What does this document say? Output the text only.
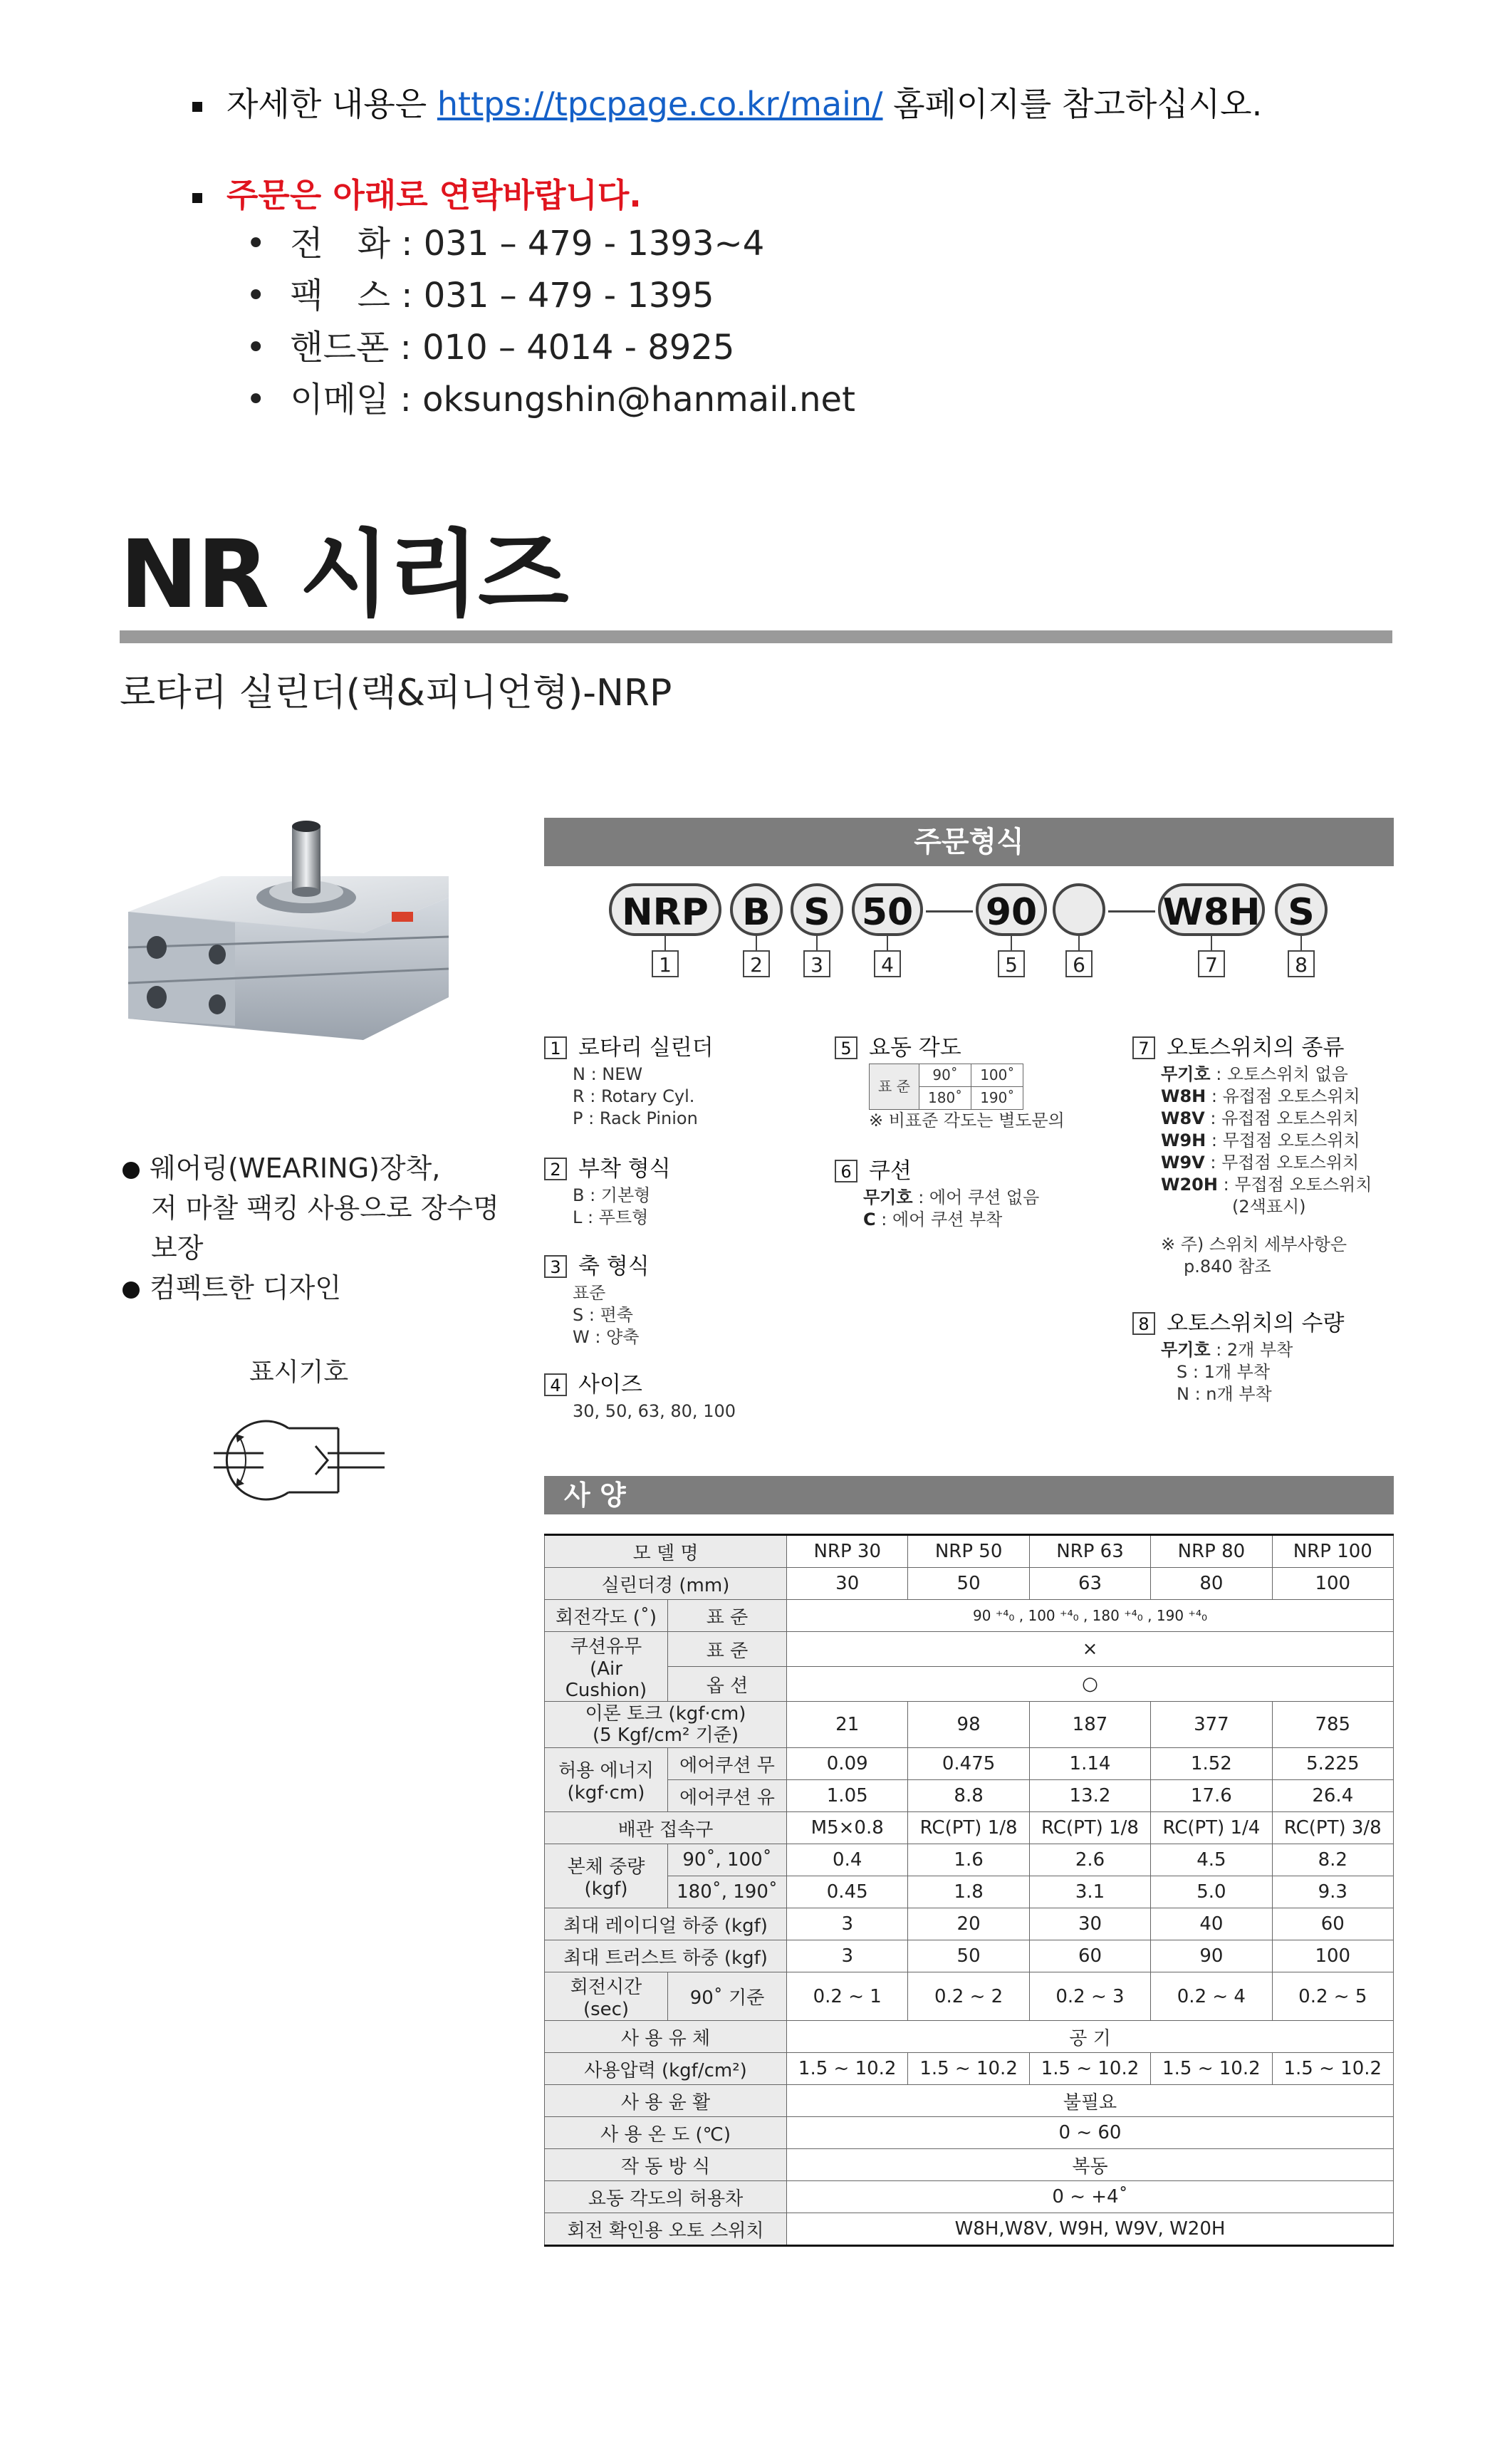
자세한 내용은 https://tpcpage.co.kr/main/ 홈페이지를 참고하십시오.
주문은 아래로 연락바랍니다.
• 전　화 : 031 – 479 - 1393~4
• 팩　스 : 031 – 479 - 1395
• 핸드폰 : 010 – 4014 - 8925
• 이메일 : oksungshin@hanmail.net
NR 시리즈
로타리 실린더(랙&피니언형)-NRP
웨어링(WEARING)장착,
저 마찰 팩킹 사용으로 장수명
보장
컴펙트한 디자인
표시기호
주문형식
NRP B S 50 90	W8H S
1	2	3	4	5	6	7	8
1 로타리 실린더
N : NEW
R : Rotary Cyl.
P : Rack Pinion
2 부착 형식
B : 기본형
L : 푸트형
3 축 형식
표준
S : 편축
W : 양축
4 사이즈
30, 50, 63, 80, 100
5 요동 각도
표 준	90˚	100˚
	180˚	190˚
※ 비표준 각도는 별도문의
6 쿠션
무기호 : 에어 쿠션 없음
C : 에어 쿠션 부착
7 오토스위치의 종류
무기호 : 오토스위치 없음
W8H : 유접점 오토스위치
W8V : 유접점 오토스위치
W9H : 무접점 오토스위치
W9V : 무접점 오토스위치
W20H : 무접점 오토스위치
(2색표시)
※ 주) 스위치 세부사항은
p.840 참조
8 오토스위치의 수량
무기호 : 2개 부착
S : 1개 부착
N : n개 부착
사 양
모 델 명		NRP 30	NRP 50	NRP 63	NRP 80	NRP 100
실린더경 (mm)		30	50	63	80	100
회전각도 (˚)	표 준	90 ⁺⁴₀ , 100 ⁺⁴₀ , 180 ⁺⁴₀ , 190 ⁺⁴₀				

쿠션유무
(Air Cushion)	표 준	×				
	옵 션	○				

이론 토크 (kgf·cm)
(5 Kgf/cm² 기준)		21	98	187	377	785

허용 에너지
(kgf·cm)	에어쿠션 무	0.09	0.475	1.14	1.52	5.225
	에어쿠션 유	1.05	8.8	13.2	17.6	26.4
배관 접속구		M5×0.8	RC(PT) 1/8	RC(PT) 1/8	RC(PT) 1/4	RC(PT) 3/8
본체 중량(kgf)	90˚, 100˚	0.4	1.6	2.6	4.5	8.2
	180˚, 190˚	0.45	1.8	3.1	5.0	9.3
최대 레이디얼 하중 (kgf)		3	20	30	40	60
최대 트러스트 하중 (kgf)		3	50	60	90	100
회전시간 (sec)	90˚ 기준	0.2 ~ 1	0.2 ~ 2	0.2 ~ 3	0.2 ~ 4	0.2 ~ 5
사 용 유 체		공 기				
사용압력 (kgf/cm²)		1.5 ~ 10.2	1.5 ~ 10.2	1.5 ~ 10.2	1.5 ~ 10.2	1.5 ~ 10.2
사 용 윤 활		불필요				
사 용 온 도 (℃)		0 ~ 60				
작 동 방 식		복동				
요동 각도의 허용차		0 ~ +4˚				
회전 확인용 오토 스위치		W8H,W8V, W9H, W9V, W20H				
